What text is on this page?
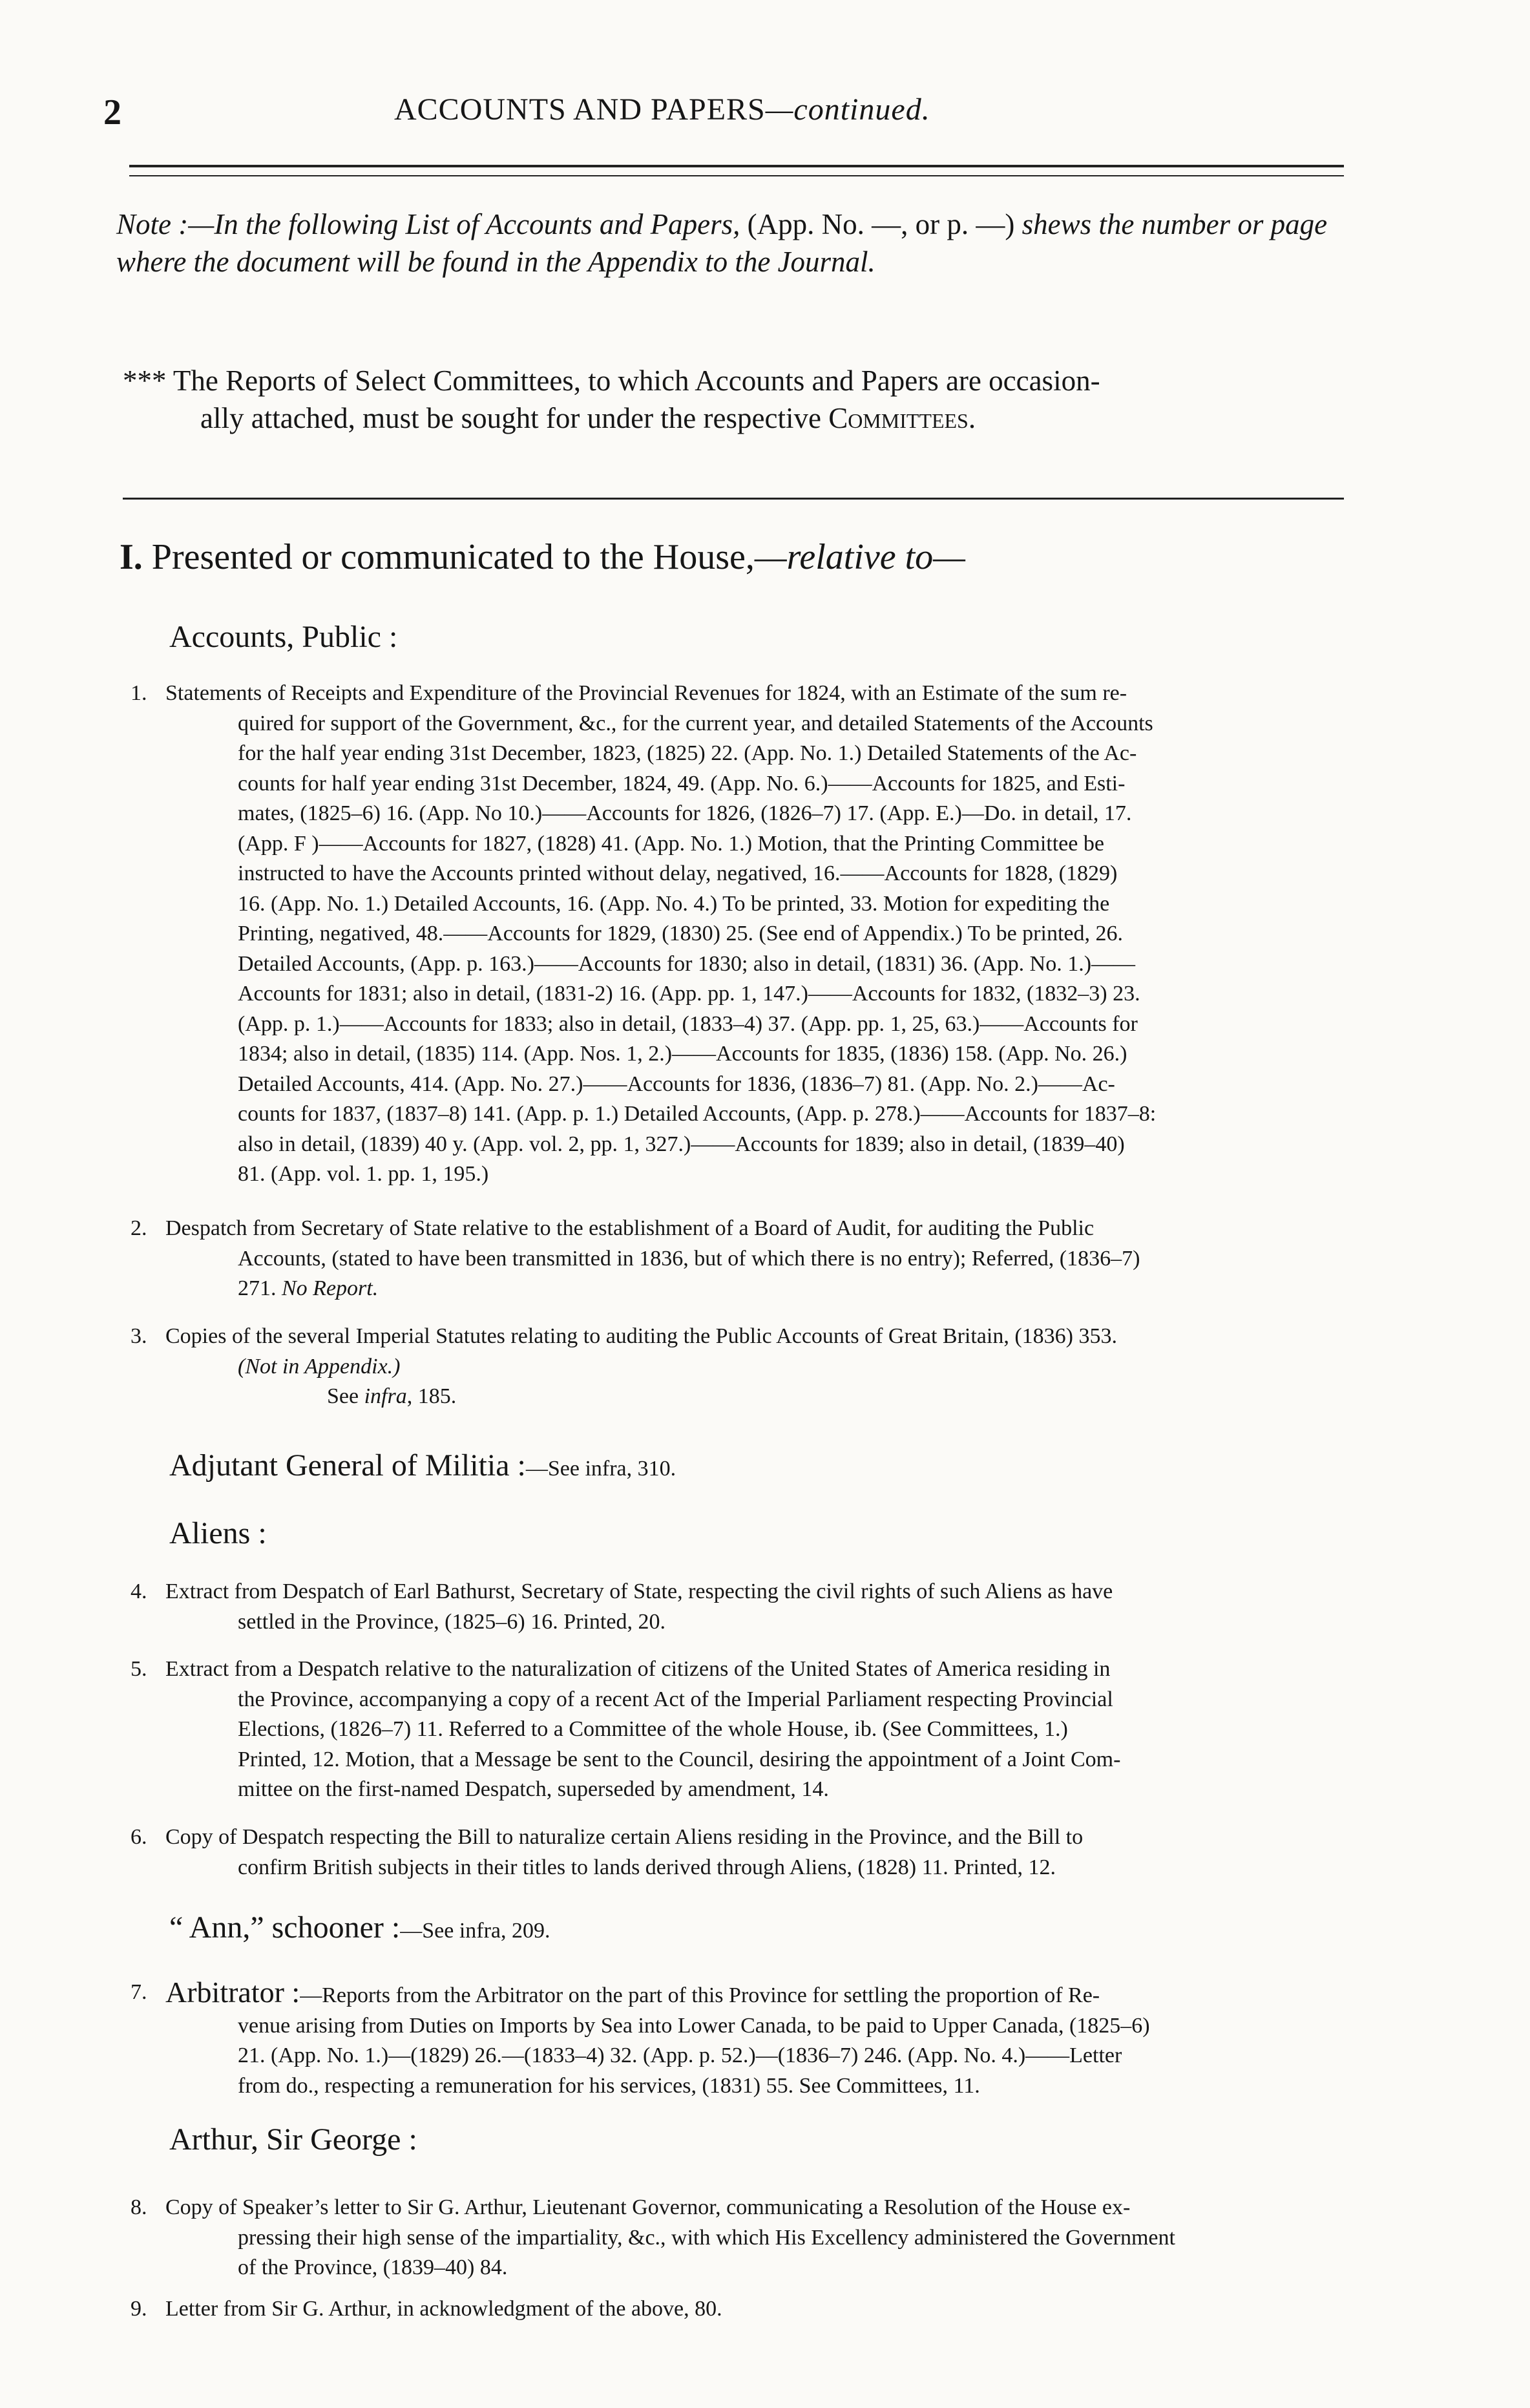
2	ACCOUNTS AND PAPERS—continued.
Note :—In the following List of Accounts and Papers, (App. No. —, or p. —) shews the number or page where the document will be found in the Appendix to the Journal.
*** The Reports of Select Committees, to which Accounts and Papers are occasion-
ally attached, must be sought for under the respective Committees.
I. Presented or communicated to the House,—relative to—
Accounts, Public :
1. Statements of Receipts and Expenditure of the Provincial Revenues for 1824, with an Estimate of the sum re-
quired for support of the Government, &c., for the current year, and detailed Statements of the Accounts
for the half year ending 31st December, 1823, (1825) 22. (App. No. 1.) Detailed Statements of the Ac-
counts for half year ending 31st December, 1824, 49. (App. No. 6.)——Accounts for 1825, and Esti-
mates, (1825–6) 16. (App. No 10.)——Accounts for 1826, (1826–7) 17. (App. E.)—Do. in detail, 17.
(App. F )——Accounts for 1827, (1828) 41. (App. No. 1.) Motion, that the Printing Committee be
instructed to have the Accounts printed without delay, negatived, 16.——Accounts for 1828, (1829)
16. (App. No. 1.) Detailed Accounts, 16. (App. No. 4.) To be printed, 33. Motion for expediting the
Printing, negatived, 48.——Accounts for 1829, (1830) 25. (See end of Appendix.) To be printed, 26.
Detailed Accounts, (App. p. 163.)——Accounts for 1830; also in detail, (1831) 36. (App. No. 1.)——
Accounts for 1831; also in detail, (1831-2) 16. (App. pp. 1, 147.)——Accounts for 1832, (1832–3) 23.
(App. p. 1.)——Accounts for 1833; also in detail, (1833–4) 37. (App. pp. 1, 25, 63.)——Accounts for
1834; also in detail, (1835) 114. (App. Nos. 1, 2.)——Accounts for 1835, (1836) 158. (App. No. 26.)
Detailed Accounts, 414. (App. No. 27.)——Accounts for 1836, (1836–7) 81. (App. No. 2.)——Ac-
counts for 1837, (1837–8) 141. (App. p. 1.) Detailed Accounts, (App. p. 278.)——Accounts for 1837–8:
also in detail, (1839) 40 y. (App. vol. 2, pp. 1, 327.)——Accounts for 1839; also in detail, (1839–40)
81. (App. vol. 1. pp. 1, 195.)
2. Despatch from Secretary of State relative to the establishment of a Board of Audit, for auditing the Public
Accounts, (stated to have been transmitted in 1836, but of which there is no entry); Referred, (1836–7)
271. No Report.
3. Copies of the several Imperial Statutes relating to auditing the Public Accounts of Great Britain, (1836) 353.
(Not in Appendix.)
See infra, 185.
Adjutant General of Militia :—See infra, 310.
Aliens :
4. Extract from Despatch of Earl Bathurst, Secretary of State, respecting the civil rights of such Aliens as have
settled in the Province, (1825–6) 16. Printed, 20.
5. Extract from a Despatch relative to the naturalization of citizens of the United States of America residing in
the Province, accompanying a copy of a recent Act of the Imperial Parliament respecting Provincial
Elections, (1826–7) 11. Referred to a Committee of the whole House, ib. (See Committees, 1.)
Printed, 12. Motion, that a Message be sent to the Council, desiring the appointment of a Joint Com-
mittee on the first-named Despatch, superseded by amendment, 14.
6. Copy of Despatch respecting the Bill to naturalize certain Aliens residing in the Province, and the Bill to
confirm British subjects in their titles to lands derived through Aliens, (1828) 11. Printed, 12.
“ Ann,” schooner :—See infra, 209.
7. Arbitrator :—Reports from the Arbitrator on the part of this Province for settling the proportion of Re-
venue arising from Duties on Imports by Sea into Lower Canada, to be paid to Upper Canada, (1825–6)
21. (App. No. 1.)—(1829) 26.—(1833–4) 32. (App. p. 52.)—(1836–7) 246. (App. No. 4.)——Letter
from do., respecting a remuneration for his services, (1831) 55. See Committees, 11.
Arthur, Sir George :
8. Copy of Speaker’s letter to Sir G. Arthur, Lieutenant Governor, communicating a Resolution of the House ex-
pressing their high sense of the impartiality, &c., with which His Excellency administered the Government
of the Province, (1839–40) 84.
9. Letter from Sir G. Arthur, in acknowledgment of the above, 80.
